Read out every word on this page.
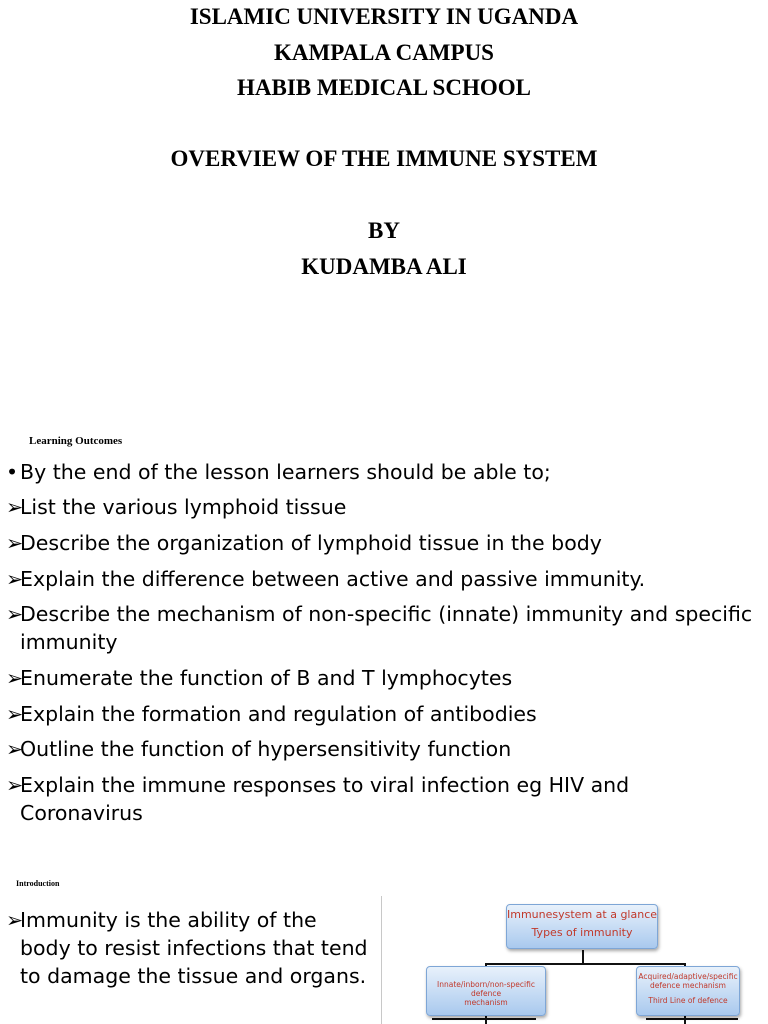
ISLAMIC UNIVERSITY IN UGANDA
KAMPALA CAMPUS
HABIB MEDICAL SCHOOL
OVERVIEW OF THE IMMUNE SYSTEM
BY
KUDAMBA ALI
Learning Outcomes
•By the end of the lesson learners should be able to;
➢List the various lymphoid tissue
➢Describe the organization of lymphoid tissue in the body
➢Explain the difference between active and passive immunity.
➢Describe the mechanism of non-specific (innate) immunity and specific
immunity
➢Enumerate the function of B and T lymphocytes
➢Explain the formation and regulation of antibodies
➢Outline the function of hypersensitivity function
➢Explain the immune responses to viral infection eg HIV and
Coronavirus
Introduction
➢Immunity is the ability of the
body to resist infections that tend
to damage the tissue and organs.
Immunesystem at a glance
Types of immunity
Innate/inborn/non-specific defence
mechanism
Acquired/adaptive/specific
defence mechanism
Third Line of defence
